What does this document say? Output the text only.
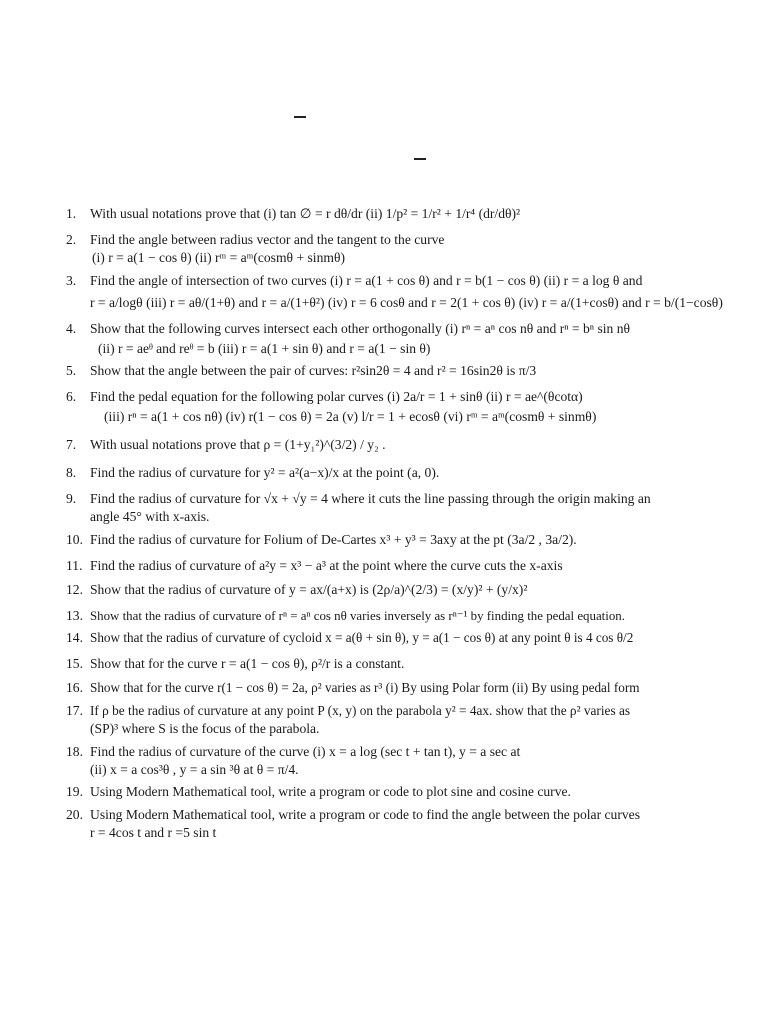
1.	With usual notations prove that (i) tan ∅ = r dθ/dr (ii) 1/p² = 1/r² + 1/r⁴ (dr/dθ)²
2.	Find the angle between radius vector and the tangent to the curve
(i) r = a(1 − cos θ) (ii) rᵐ = aᵐ(cosmθ + sinmθ)
3.	Find the angle of intersection of two curves (i) r = a(1 + cos θ) and r = b(1 − cos θ) (ii) r = a log θ and
r = a/logθ (iii) r = aθ/(1+θ) and r = a/(1+θ²) (iv) r = 6 cosθ and r = 2(1 + cos θ) (iv) r = a/(1+cosθ) and r = b/(1−cosθ)
4.	Show that the following curves intersect each other orthogonally (i) rⁿ = aⁿ cos nθ and rⁿ = bⁿ sin nθ
(ii) r = aeᶿ and reᶿ = b (iii) r = a(1 + sin θ) and r = a(1 − sin θ)
5.	Show that the angle between the pair of curves: r²sin2θ = 4 and r² = 16sin2θ is π/3
6.	Find the pedal equation for the following polar curves (i) 2a/r = 1 + sinθ (ii) r = ae^(θcotα)
(iii) rⁿ = a(1 + cos nθ) (iv) r(1 − cos θ) = 2a (v) l/r = 1 + ecosθ (vi) rᵐ = aᵐ(cosmθ + sinmθ)
7.	With usual notations prove that ρ = (1+y₁²)^(3/2) / y₂ .
8.	Find the radius of curvature for y² = a²(a−x)/x at the point (a, 0).
9.	Find the radius of curvature for √x + √y = 4 where it cuts the line passing through the origin making an
angle 45° with x-axis.
10. Find the radius of curvature for Folium of De-Cartes x³ + y³ = 3axy at the pt (3a/2 , 3a/2).
11. Find the radius of curvature of a²y = x³ − a³ at the point where the curve cuts the x-axis
12. Show that the radius of curvature of y = ax/(a+x) is (2ρ/a)^(2/3) = (x/y)² + (y/x)²
13. Show that the radius of curvature of rⁿ = aⁿ cos nθ varies inversely as rⁿ⁻¹ by finding the pedal equation.
14. Show that the radius of curvature of cycloid x = a(θ + sin θ), y = a(1 − cos θ) at any point θ is 4 cos θ/2
15. Show that for the curve r = a(1 − cos θ), ρ²/r is a constant.
16. Show that for the curve r(1 − cos θ) = 2a, ρ² varies as r³ (i) By using Polar form (ii) By using pedal form
17. If ρ be the radius of curvature at any point P (x, y) on the parabola y² = 4ax. show that the ρ² varies as
(SP)³ where S is the focus of the parabola.
18. Find the radius of curvature of the curve (i) x = a log (sec t + tan t), y = a sec at
(ii) x = a cos³θ , y = a sin ³θ at θ = π/4.
19. Using Modern Mathematical tool, write a program or code to plot sine and cosine curve.
20. Using Modern Mathematical tool, write a program or code to find the angle between the polar curves
r = 4cos t and r =5 sin t
